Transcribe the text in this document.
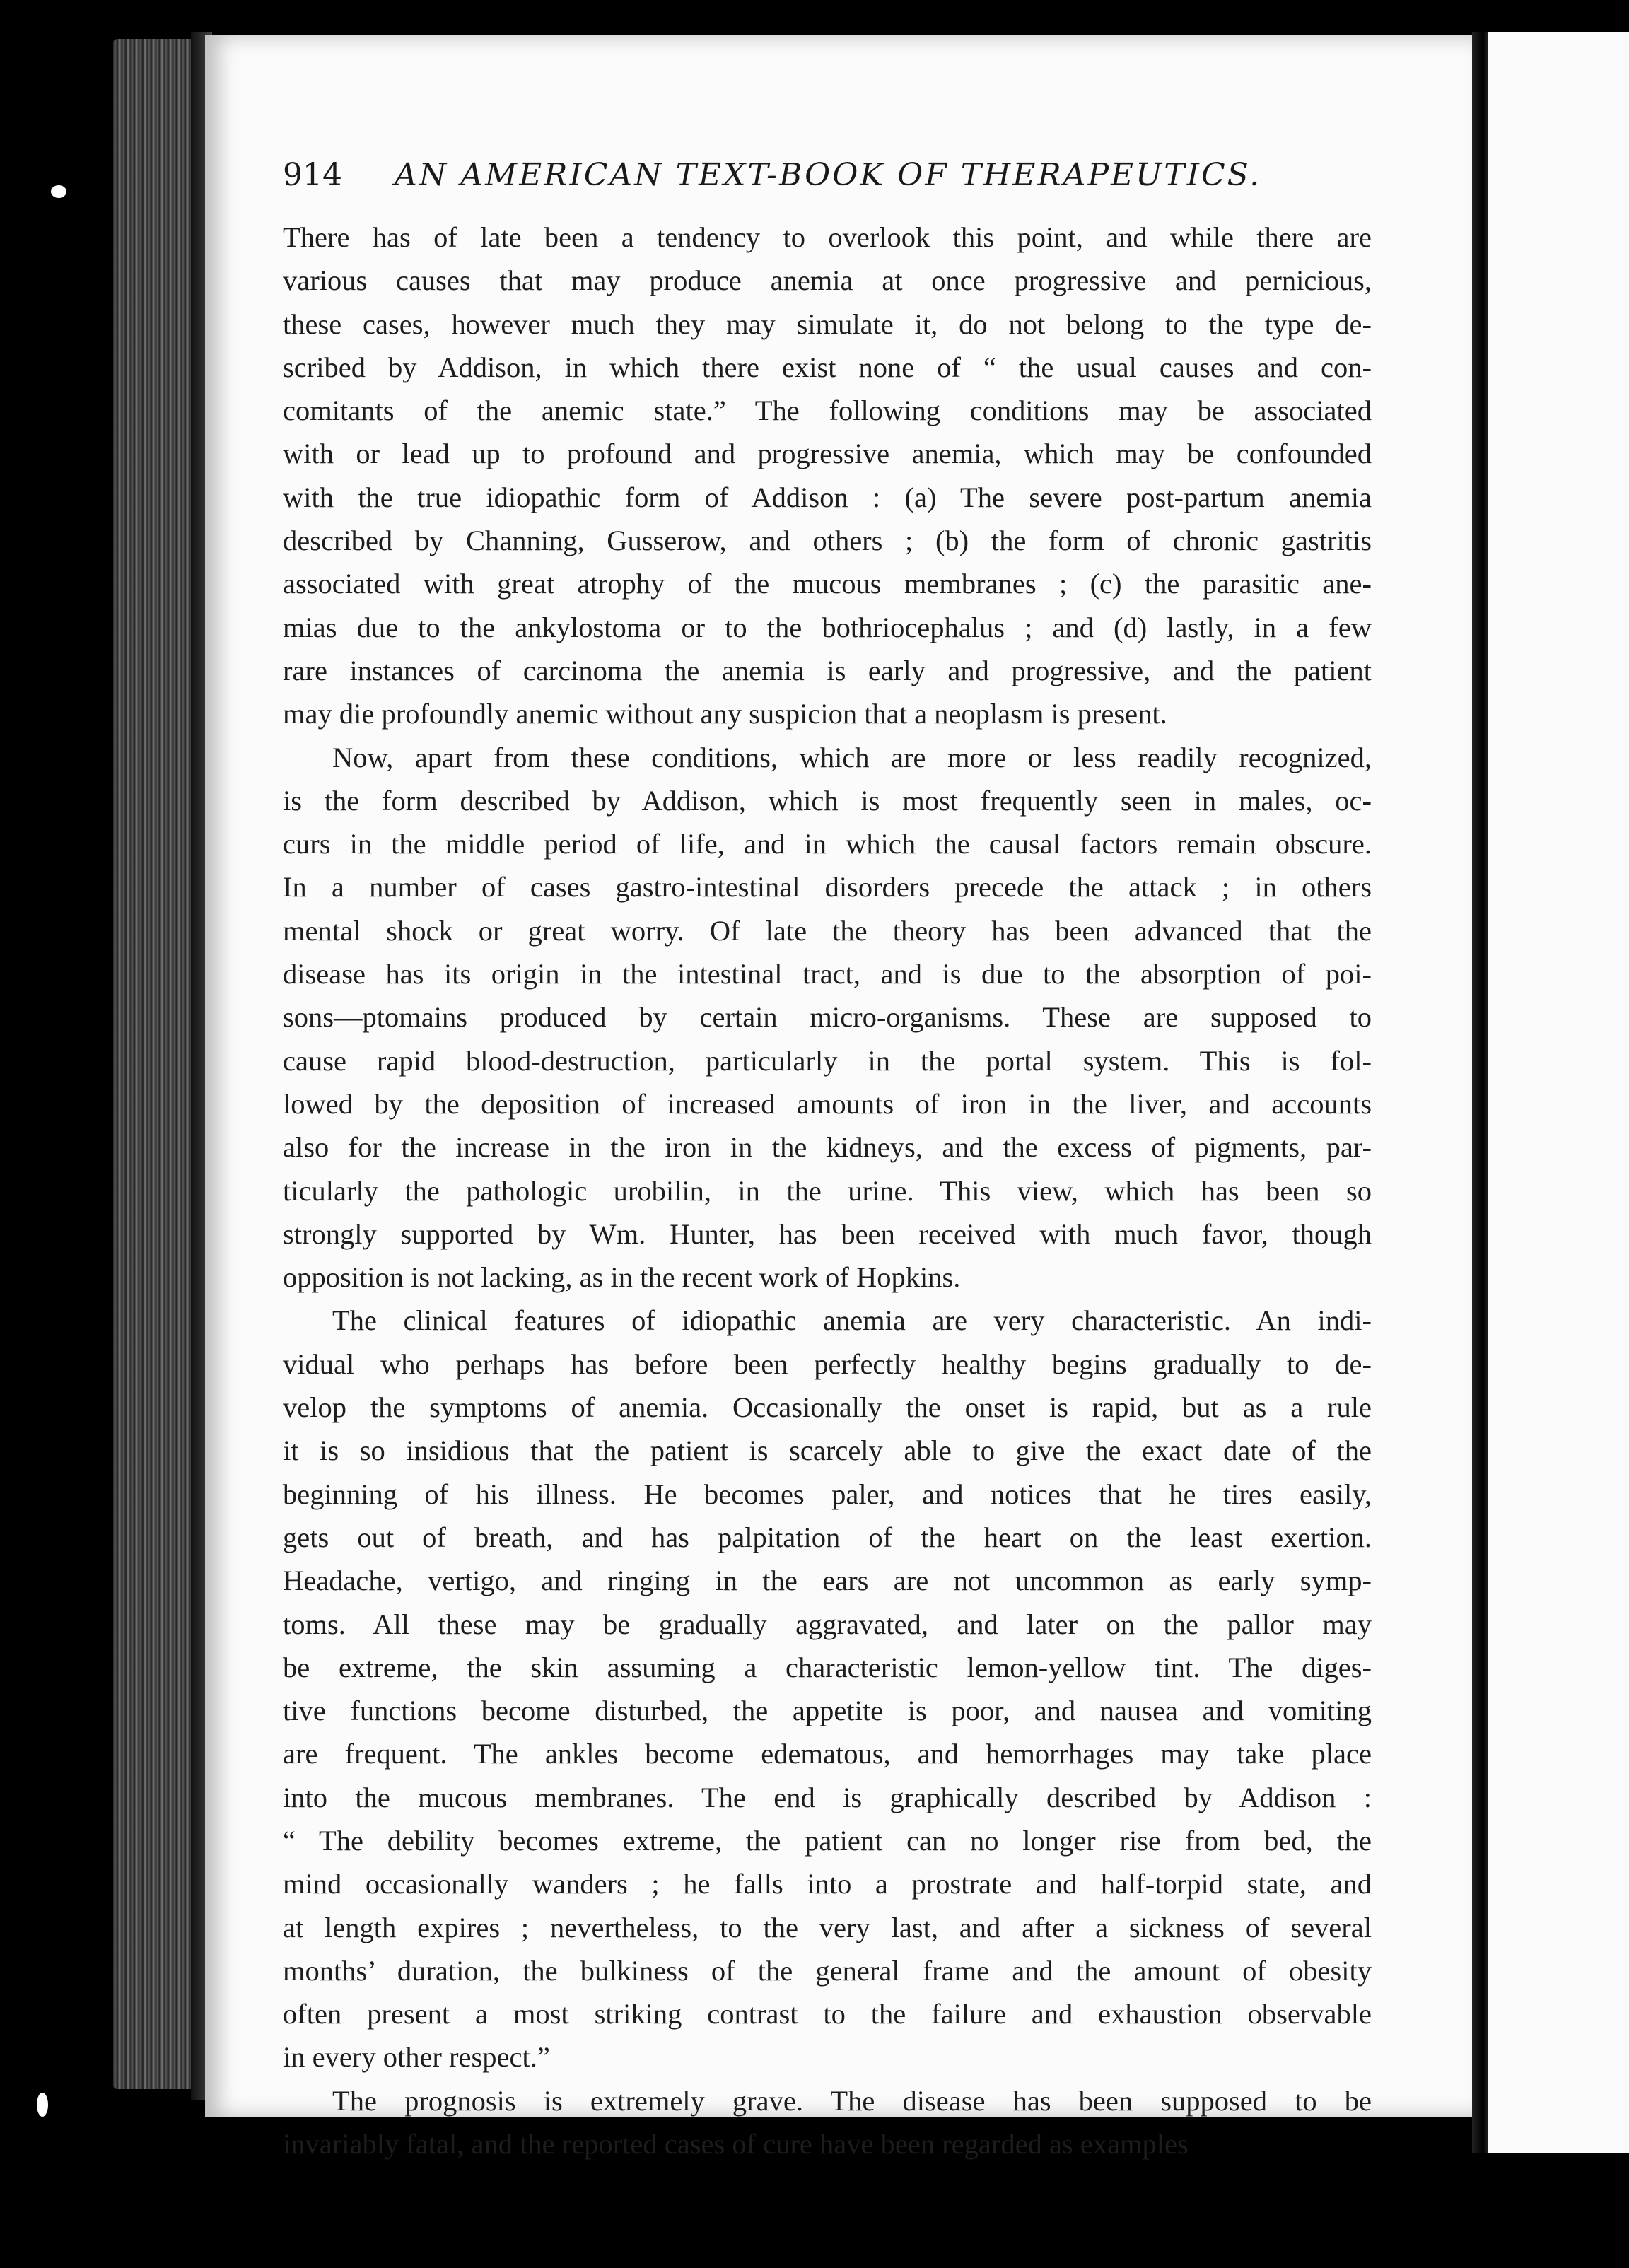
914 AN AMERICAN TEXT-BOOK OF THERAPEUTICS.
There has of late been a tendency to overlook this point, and while there are
various causes that may produce anemia at once progressive and pernicious,
these cases, however much they may simulate it, do not belong to the type de-
scribed by Addison, in which there exist none of “ the usual causes and con-
comitants of the anemic state.” The following conditions may be associated
with or lead up to profound and progressive anemia, which may be confounded
with the true idiopathic form of Addison : (a) The severe post-partum anemia
described by Channing, Gusserow, and others ; (b) the form of chronic gastritis
associated with great atrophy of the mucous membranes ; (c) the parasitic ane-
mias due to the ankylostoma or to the bothriocephalus ; and (d) lastly, in a few
rare instances of carcinoma the anemia is early and progressive, and the patient
may die profoundly anemic without any suspicion that a neoplasm is present.
Now, apart from these conditions, which are more or less readily recognized,
is the form described by Addison, which is most frequently seen in males, oc-
curs in the middle period of life, and in which the causal factors remain obscure.
In a number of cases gastro-intestinal disorders precede the attack ; in others
mental shock or great worry. Of late the theory has been advanced that the
disease has its origin in the intestinal tract, and is due to the absorption of poi-
sons—ptomains produced by certain micro-organisms. These are supposed to
cause rapid blood-destruction, particularly in the portal system. This is fol-
lowed by the deposition of increased amounts of iron in the liver, and accounts
also for the increase in the iron in the kidneys, and the excess of pigments, par-
ticularly the pathologic urobilin, in the urine. This view, which has been so
strongly supported by Wm. Hunter, has been received with much favor, though
opposition is not lacking, as in the recent work of Hopkins.
The clinical features of idiopathic anemia are very characteristic. An indi-
vidual who perhaps has before been perfectly healthy begins gradually to de-
velop the symptoms of anemia. Occasionally the onset is rapid, but as a rule
it is so insidious that the patient is scarcely able to give the exact date of the
beginning of his illness. He becomes paler, and notices that he tires easily,
gets out of breath, and has palpitation of the heart on the least exertion.
Headache, vertigo, and ringing in the ears are not uncommon as early symp-
toms. All these may be gradually aggravated, and later on the pallor may
be extreme, the skin assuming a characteristic lemon-yellow tint. The diges-
tive functions become disturbed, the appetite is poor, and nausea and vomiting
are frequent. The ankles become edematous, and hemorrhages may take place
into the mucous membranes. The end is graphically described by Addison :
“ The debility becomes extreme, the patient can no longer rise from bed, the
mind occasionally wanders ; he falls into a prostrate and half-torpid state, and
at length expires ; nevertheless, to the very last, and after a sickness of several
months’ duration, the bulkiness of the general frame and the amount of obesity
often present a most striking contrast to the failure and exhaustion observable
in every other respect.”
The prognosis is extremely grave. The disease has been supposed to be
invariably fatal, and the reported cases of cure have been regarded as examples
